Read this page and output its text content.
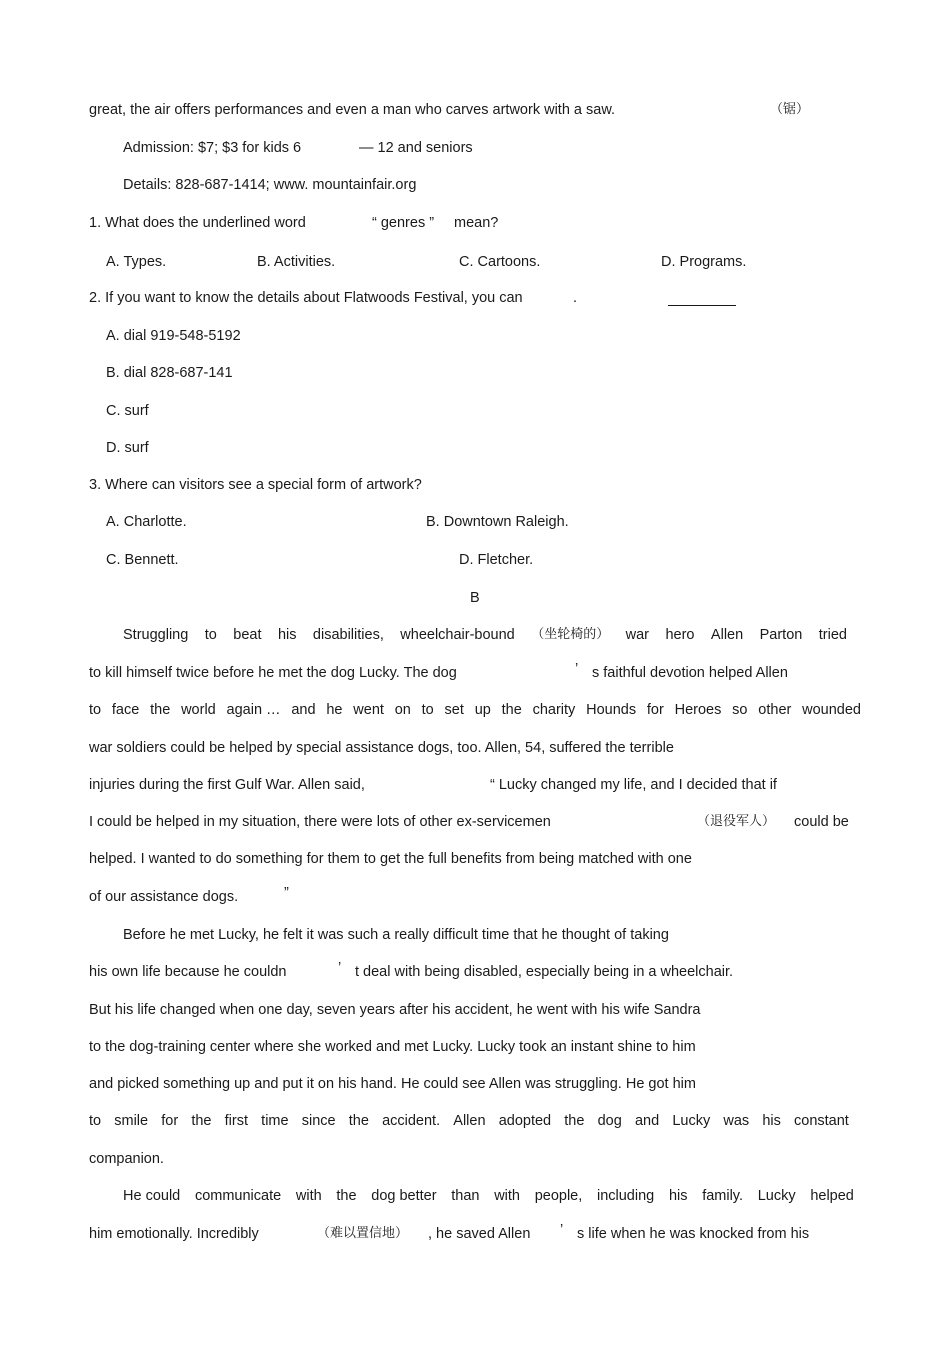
great, the air offers performances and even a man who carves artwork with a saw.	（锯）
Admission: $7; $3 for kids 6	— 12 and seniors
Details: 828-687-1414; www. mountainfair.org
1. What does the underlined word	“ genres ” mean?
A. Types.	B. Activities.	C. Cartoons.	D. Programs.
2. If you want to know the details about Flatwoods Festival, you can	.
A. dial 919-548-5192
B. dial 828-687-141
C. surf
D. surf
3. Where can visitors see a special form of artwork?
A. Charlotte.	B. Downtown Raleigh.
C. Bennett.	D. Fletcher.
B
Struggling to beat his disabilities, wheelchair-bound （坐轮椅的） war hero Allen Parton tried
to kill himself twice before he met the dog Lucky. The dog	’ s faithful devotion helped Allen
to face the world again … and he went on to set up the charity Hounds for Heroes so other wounded
war soldiers could be helped by special assistance dogs, too. Allen, 54, suffered the terrible
injuries during the first Gulf War. Allen said,	“ Lucky changed my life, and I decided that if
I could be helped in my situation, there were lots of other ex-servicemen	（退役军人） could be
helped. I wanted to do something for them to get the full benefits from being matched with one
of our assistance dogs.	”
Before he met Lucky, he felt it was such a really difficult time that he thought of taking
his own life because he couldn	’ t deal with being disabled, especially being in a wheelchair.
But his life changed when one day, seven years after his accident, he went with his wife Sandra
to the dog-training center where she worked and met Lucky. Lucky took an instant shine to him
and picked something up and put it on his hand. He could see Allen was struggling. He got him
to smile for the first time since the accident. Allen adopted the dog and Lucky was his constant
companion.
He could communicate with the dog better than with people, including his family. Lucky helped
him emotionally. Incredibly	（难以置信地） , he saved Allen ’ s life when he was knocked from his
